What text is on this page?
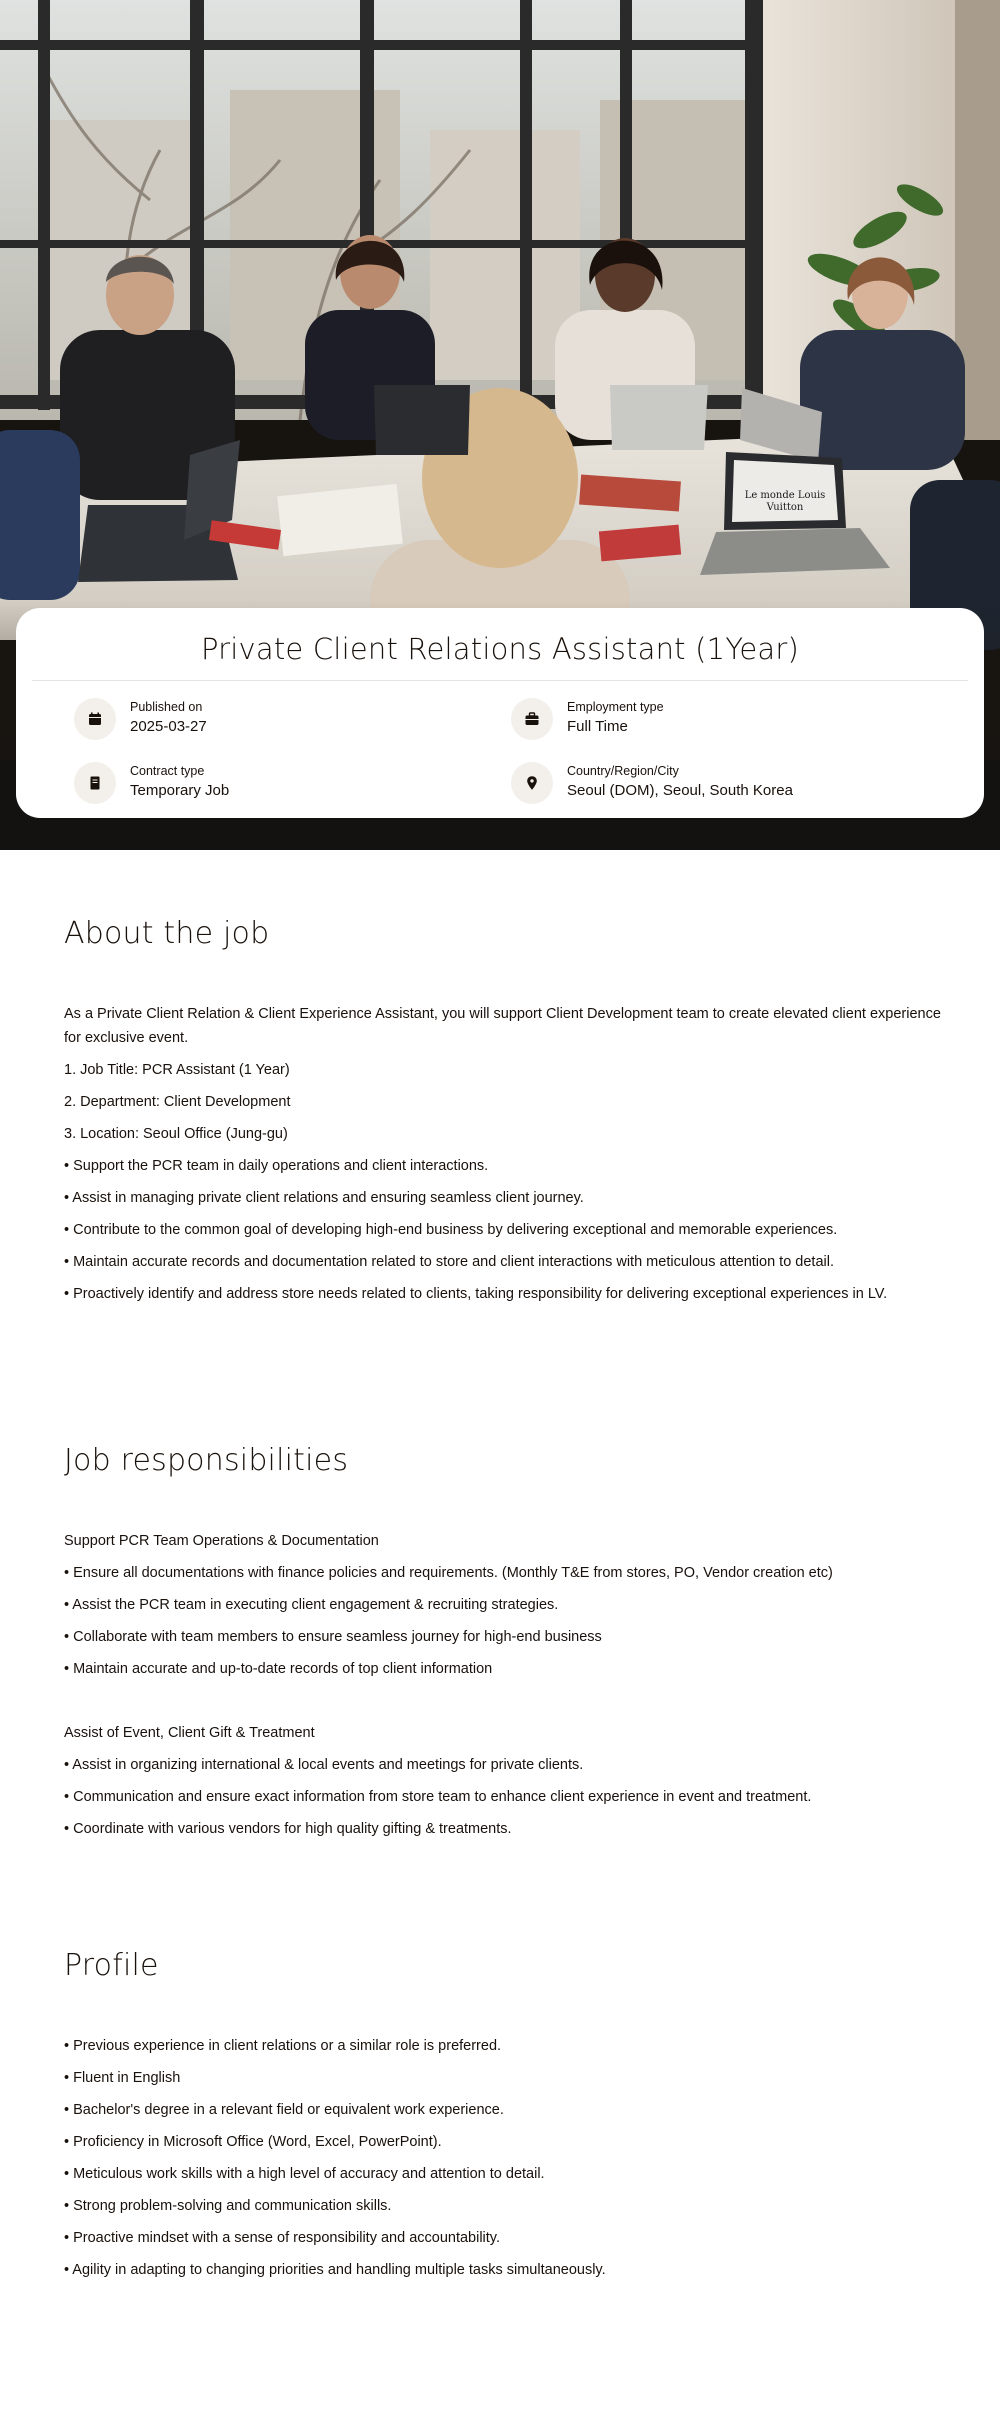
Le monde Louis
Vuitton
Private Client Relations Assistant (1Year)
Published on
2025-03-27
Employment type
Full Time
Contract type
Temporary Job
Country/Region/City
Seoul (DOM), Seoul, South Korea
About the job

As a Private Client Relation & Client Experience Assistant, you will support Client Development team to create elevated client experience for exclusive event.

1. Job Title: PCR Assistant (1 Year)

2. Department: Client Development

3. Location: Seoul Office (Jung-gu)

• Support the PCR team in daily operations and client interactions.

• Assist in managing private client relations and ensuring seamless client journey.

• Contribute to the common goal of developing high-end business by delivering exceptional and memorable experiences.

• Maintain accurate records and documentation related to store and client interactions with meticulous attention to detail.

• Proactively identify and address store needs related to clients, taking responsibility for delivering exceptional experiences in LV.

Job responsibilities

Support PCR Team Operations & Documentation

• Ensure all documentations with finance policies and requirements. (Monthly T&E from stores, PO, Vendor creation etc)

• Assist the PCR team in executing client engagement & recruiting strategies.

• Collaborate with team members to ensure seamless journey for high-end business

• Maintain accurate and up-to-date records of top client information

Assist of Event, Client Gift & Treatment

• Assist in organizing international & local events and meetings for private clients.

• Communication and ensure exact information from store team to enhance client experience in event and treatment.

• Coordinate with various vendors for high quality gifting & treatments.

Profile

• Previous experience in client relations or a similar role is preferred.

• Fluent in English

• Bachelor's degree in a relevant field or equivalent work experience.

• Proficiency in Microsoft Office (Word, Excel, PowerPoint).

• Meticulous work skills with a high level of accuracy and attention to detail.

• Strong problem-solving and communication skills.

• Proactive mindset with a sense of responsibility and accountability.

• Agility in adapting to changing priorities and handling multiple tasks simultaneously.
